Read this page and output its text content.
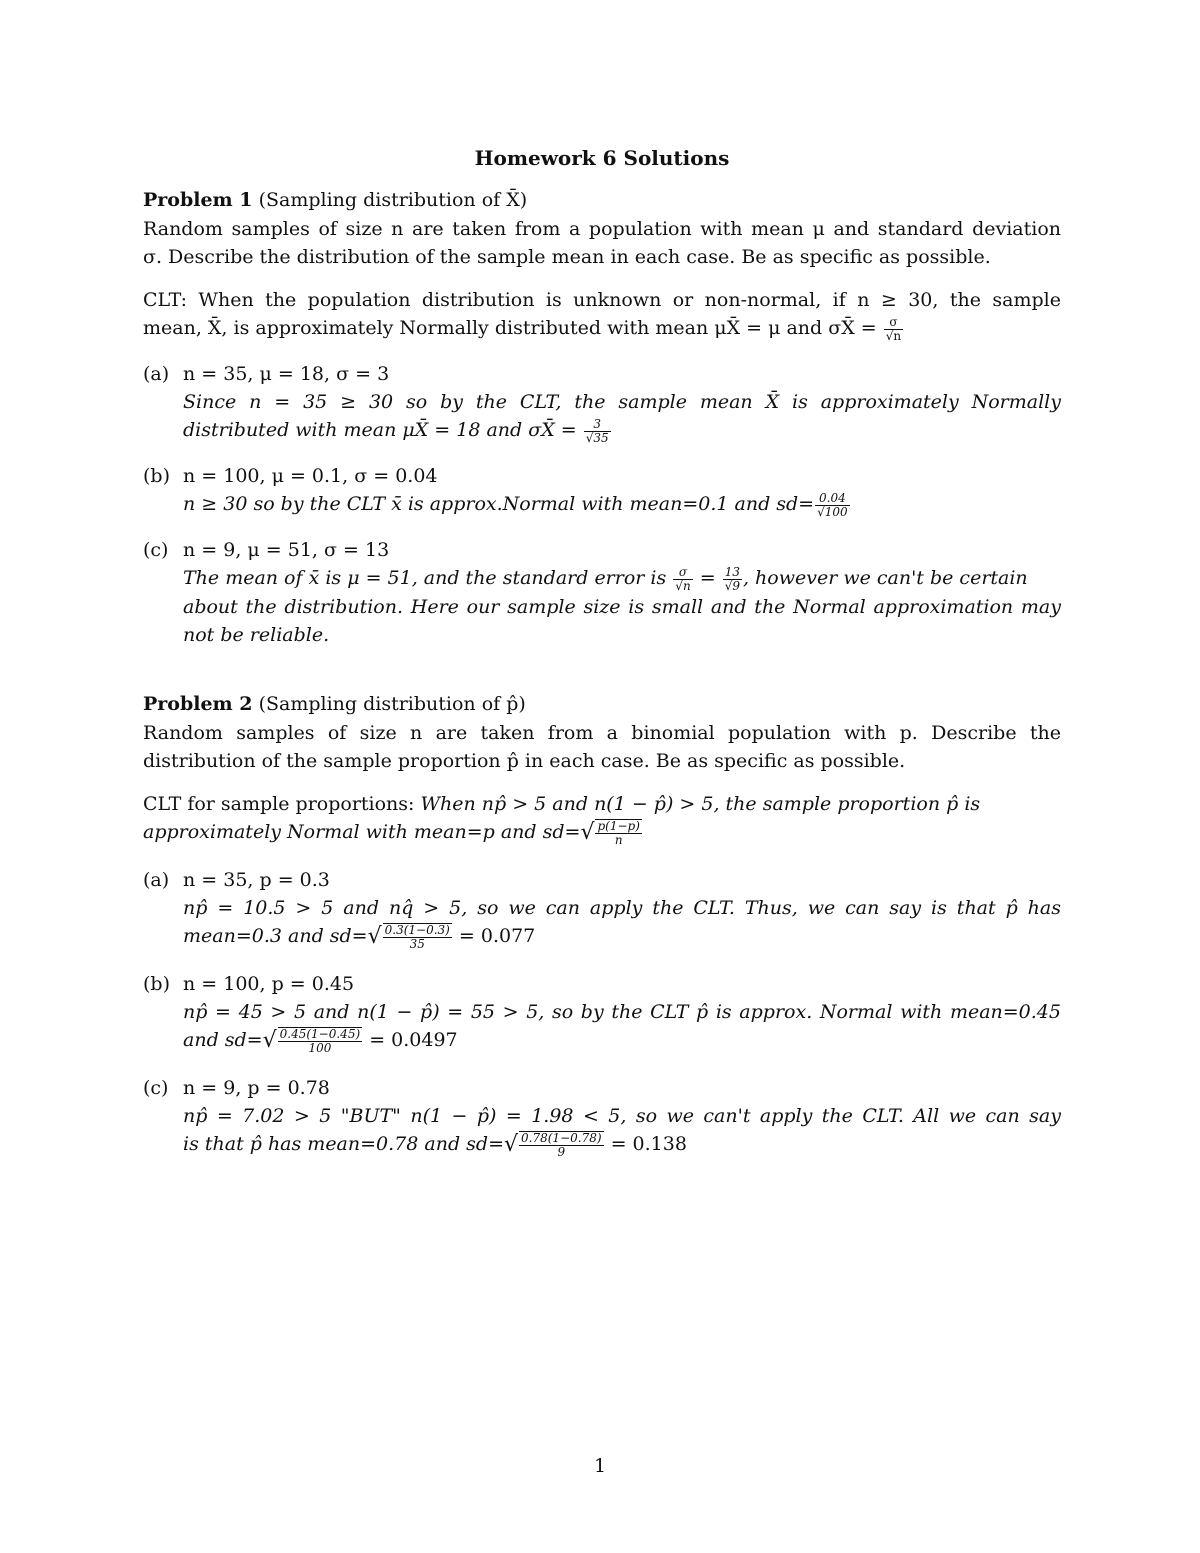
Homework 6 Solutions
Problem 1 (Sampling distribution of X̄)
Random samples of size n are taken from a population with mean μ and standard deviation
σ. Describe the distribution of the sample mean in each case. Be as specific as possible.
CLT: When the population distribution is unknown or non-normal, if n ≥ 30, the sample
mean, X̄, is approximately Normally distributed with mean μX̄ = μ and σX̄ = $\frac{\sigma}{√n}$
(a) n = 35, μ = 18, σ = 3
Since n = 35 ≥ 30 so by the CLT, the sample mean X̄ is approximately Normally
distributed with mean μX̄ = 18 and σX̄ = $\frac{3}{√35}$
(b) n = 100, μ = 0.1, σ = 0.04
n ≥ 30 so by the CLT x̄ is approx.Normal with mean=0.1 and $sd= \frac{0.04}{√100}$
(c) n = 9, μ = 51, σ = 13
The mean of x̄ is μ = 51, and the standard error is $\frac{\sigma}{√n} = \frac{13}{√9}$ , however we can't be certain
about the distribution. Here our sample size is small and the Normal approximation may
not be reliable.
Problem 2 (Sampling distribution of p̂)
Random samples of size n are taken from a binomial population with p. Describe the
distribution of the sample proportion p̂ in each case. Be as specific as possible.
CLT for sample proportions: When np̂ > 5 and n(1 − p̂) > 5, the sample proportion p̂ is
approximately Normal with mean=p and $sd=√ \frac{p(1-p)}{n}$
(a) n = 35, p = 0.3
np̂ = 10.5 > 5 and nq̂ > 5, so we can apply the CLT. Thus, we can say is that p̂ has
mean=0.3 and $sd=√ \frac{0.3(1-0.3)}{35} = 0.077$
(b) n = 100, p = 0.45
np̂ = 45 > 5 and n(1 − p̂) = 55 > 5, so by the CLT p̂ is approx. Normal with mean=0.45
and $sd=√ \frac{0.45(1-0.45)}{100} = 0.0497$
(c) n = 9, p = 0.78
np̂ = 7.02 > 5 "BUT" n(1 − p̂) = 1.98 < 5, so we can't apply the CLT. All we can say
is that p̂ has mean=0.78 and $sd=√ \frac{0.78(1-0.78)}{9} = 0.138$
1
